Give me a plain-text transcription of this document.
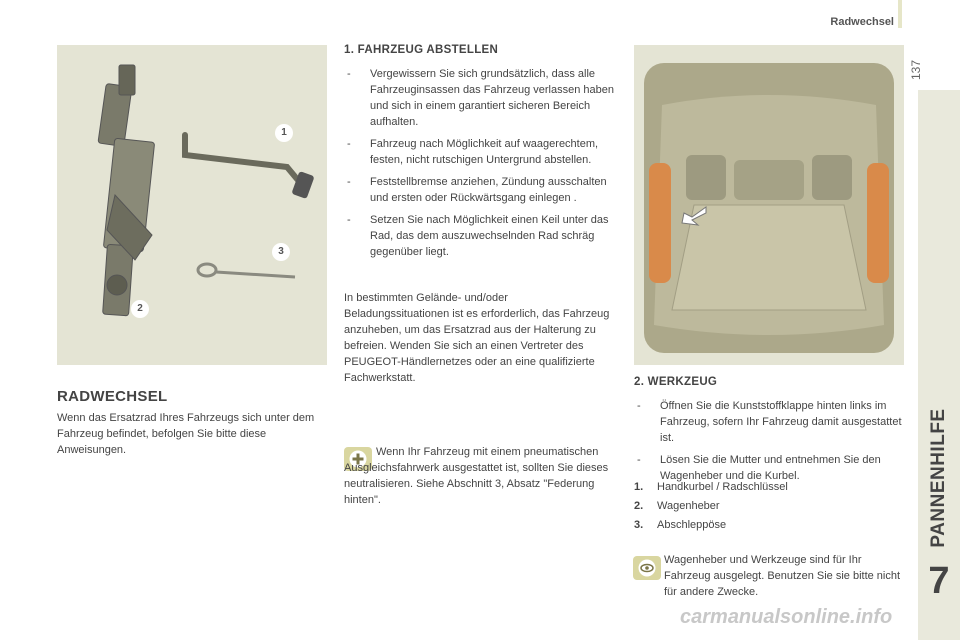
Radwechsel
137
PANNENHILFE
7
1
3
2
RADWECHSEL

Wenn das Ersatzrad Ihres Fahrzeugs sich unter dem Fahrzeug befindet, befolgen Sie bitte diese Anweisungen.

1. FAHRZEUG ABSTELLEN
- Vergewissern Sie sich grundsätzlich, dass alle Fahrzeuginsassen das Fahrzeug verlassen haben und sich in einem garantiert sicheren Bereich aufhalten.
- Fahrzeug nach Möglichkeit auf waagerechtem, festen, nicht rutschigen Untergrund abstellen.
- Feststellbremse anziehen, Zündung ausschalten und ersten oder Rückwärtsgang einlegen .
- Setzen Sie nach Möglichkeit einen Keil unter das Rad, das dem auszuwechselnden Rad schräg gegenüber liegt.

In bestimmten Gelände- und/oder Beladungssituationen ist es erforderlich, das Fahrzeug anzuheben, um das Ersatzrad aus der Halterung zu befreien. Wenden Sie sich an einen Vertreter des PEUGEOT-Händlernetzes oder an eine qualifizierte Fachwerkstatt.

Wenn Ihr Fahrzeug mit einem pneumatischen Ausgleichsfahrwerk ausgestattet ist, sollten Sie dieses neutralisieren. Siehe Abschnitt 3, Absatz "Federung hinten".

2. WERKZEUG
- Öffnen Sie die Kunststoffklappe hinten links im Fahrzeug, sofern Ihr Fahrzeug damit ausgestattet ist.
- Lösen Sie die Mutter und entnehmen Sie den Wagenheber und die Kurbel.
1. Handkurbel / Radschlüssel
2. Wagenheber
3. Abschleppöse

Wagenheber und Werkzeuge sind für Ihr Fahrzeug ausgelegt. Benutzen Sie sie bitte nicht für andere Zwecke.

carmanualsonline.info
